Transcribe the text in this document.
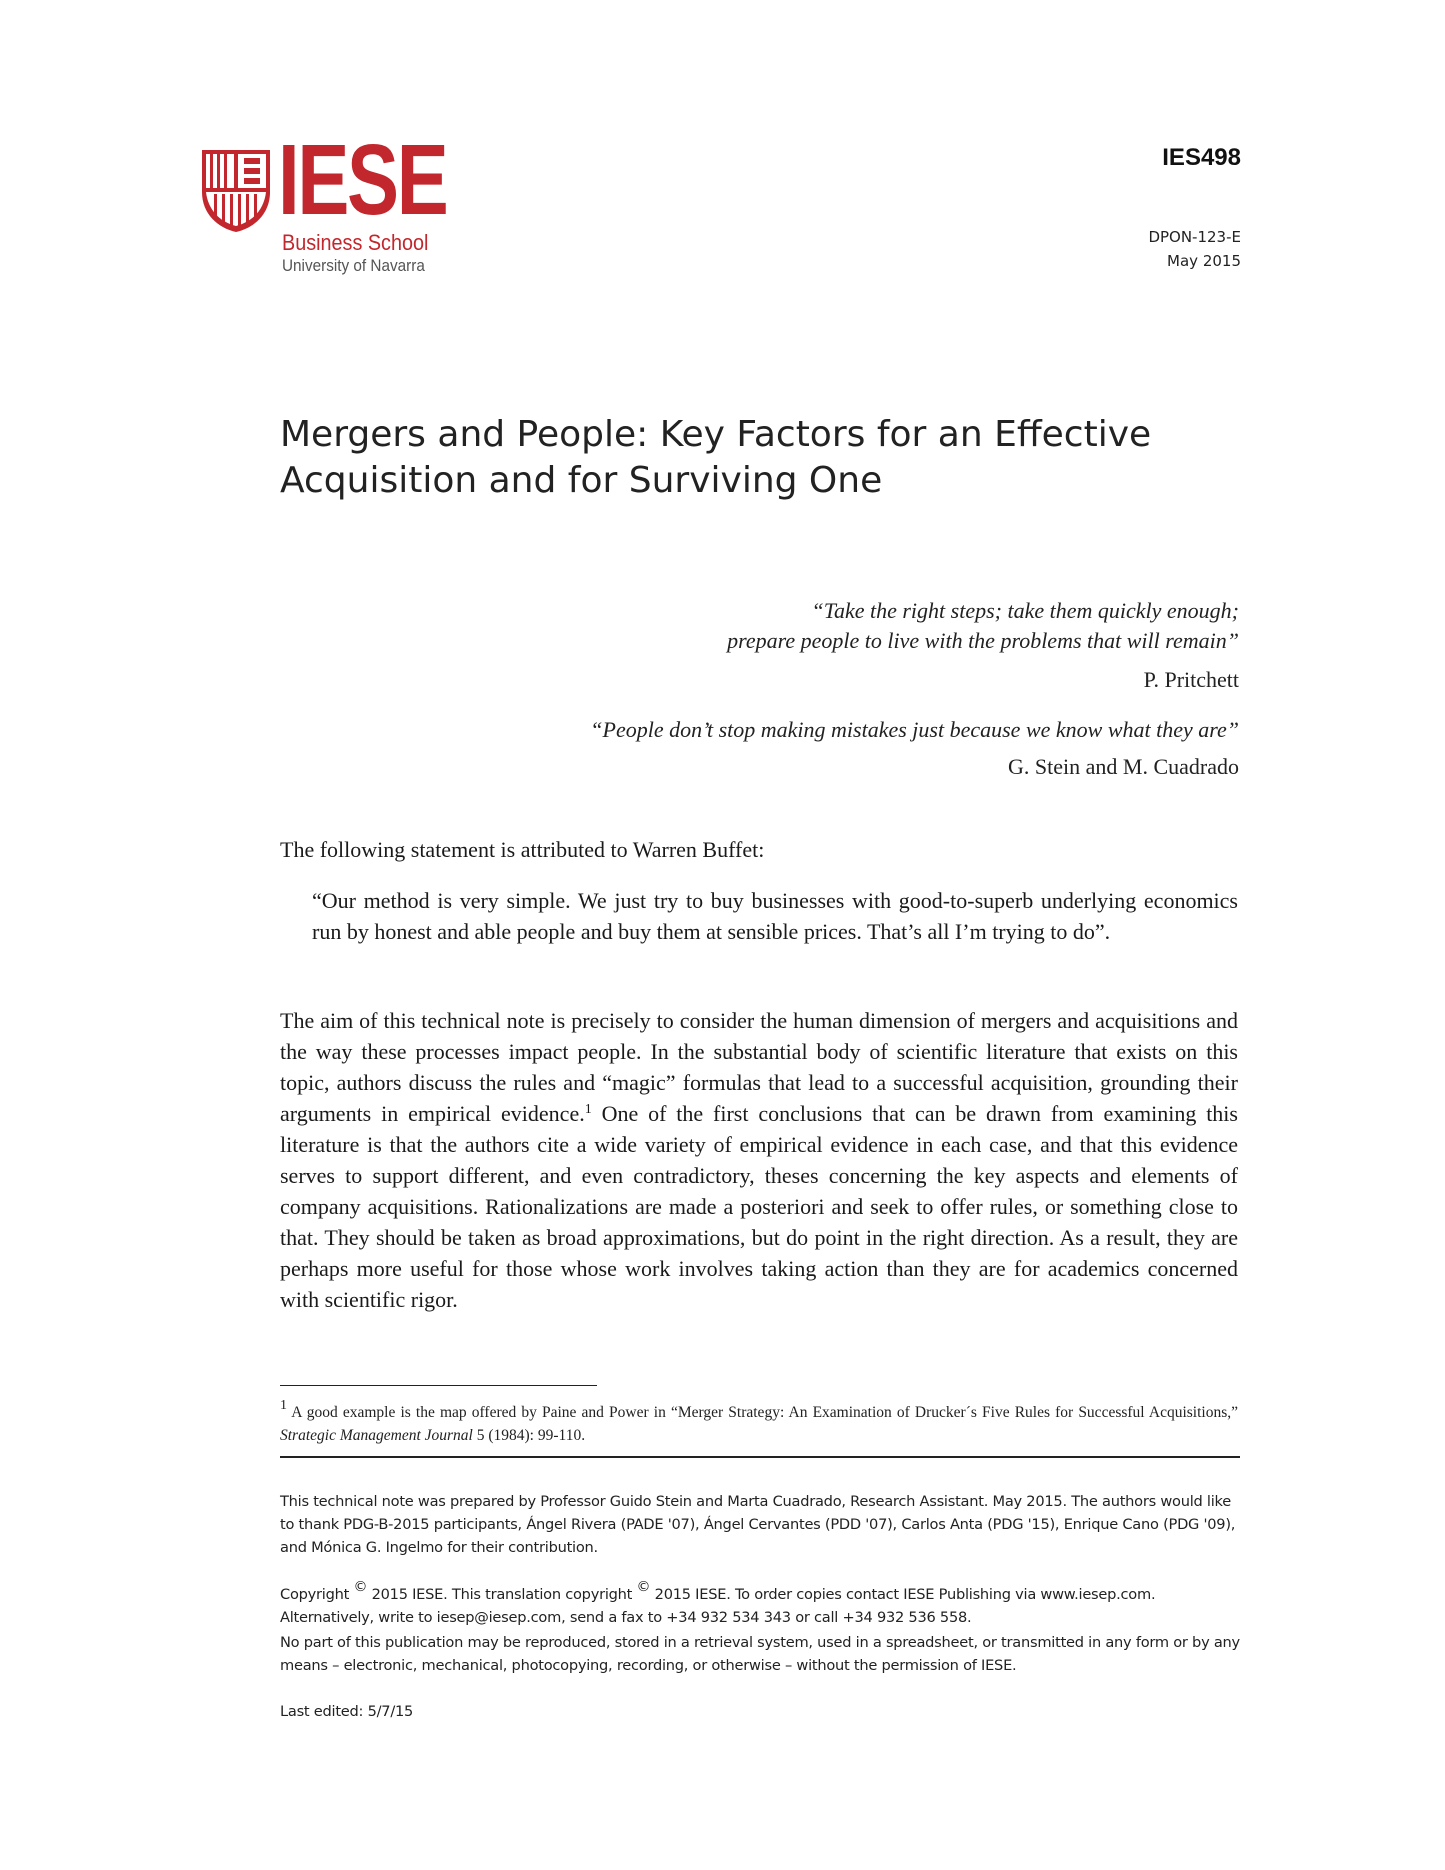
IESE
Business School
University of Navarra
IES498
DPON-123-E
May 2015
Mergers and People: Key Factors for an Effective Acquisition and for Surviving One
“Take the right steps; take them quickly enough;
prepare people to live with the problems that will remain”
P. Pritchett
“People don’t stop making mistakes just because we know what they are”
G. Stein and M. Cuadrado

The following statement is attributed to Warren Buffet:

“Our method is very simple. We just try to buy businesses with good-to-superb underlying economics run by honest and able people and buy them at sensible prices. That’s all I’m trying to do”.

The aim of this technical note is precisely to consider the human dimension of mergers and acquisitions and the way these processes impact people. In the substantial body of scientific literature that exists on this topic, authors discuss the rules and “magic” formulas that lead to a successful acquisition, grounding their arguments in empirical evidence.$^1$ One of the first conclusions that can be drawn from examining this literature is that the authors cite a wide variety of empirical evidence in each case, and that this evidence serves to support different, and even contradictory, theses concerning the key aspects and elements of company acquisitions. Rationalizations are made a posteriori and seek to offer rules, or something close to that. They should be taken as broad approximations, but do point in the right direction. As a result, they are perhaps more useful for those whose work involves taking action than they are for academics concerned with scientific rigor.

$^1$ A good example is the map offered by Paine and Power in “Merger Strategy: An Examination of Drucker´s Five Rules for Successful Acquisitions,” Strategic Management Journal 5 (1984): 99-110.

This technical note was prepared by Professor Guido Stein and Marta Cuadrado, Research Assistant. May 2015. The authors would like to thank PDG-B-2015 participants, Ángel Rivera (PADE '07), Ángel Cervantes (PDD '07), Carlos Anta (PDG '15), Enrique Cano (PDG '09), and Mónica G. Ingelmo for their contribution.

Copyright © 2015 IESE. This translation copyright © 2015 IESE. To order copies contact IESE Publishing via www.iesep.com. Alternatively, write to iesep@iesep.com, send a fax to +34 932 534 343 or call +34 932 536 558.

No part of this publication may be reproduced, stored in a retrieval system, used in a spreadsheet, or transmitted in any form or by any means – electronic, mechanical, photocopying, recording, or otherwise – without the permission of IESE.

Last edited: 5/7/15
